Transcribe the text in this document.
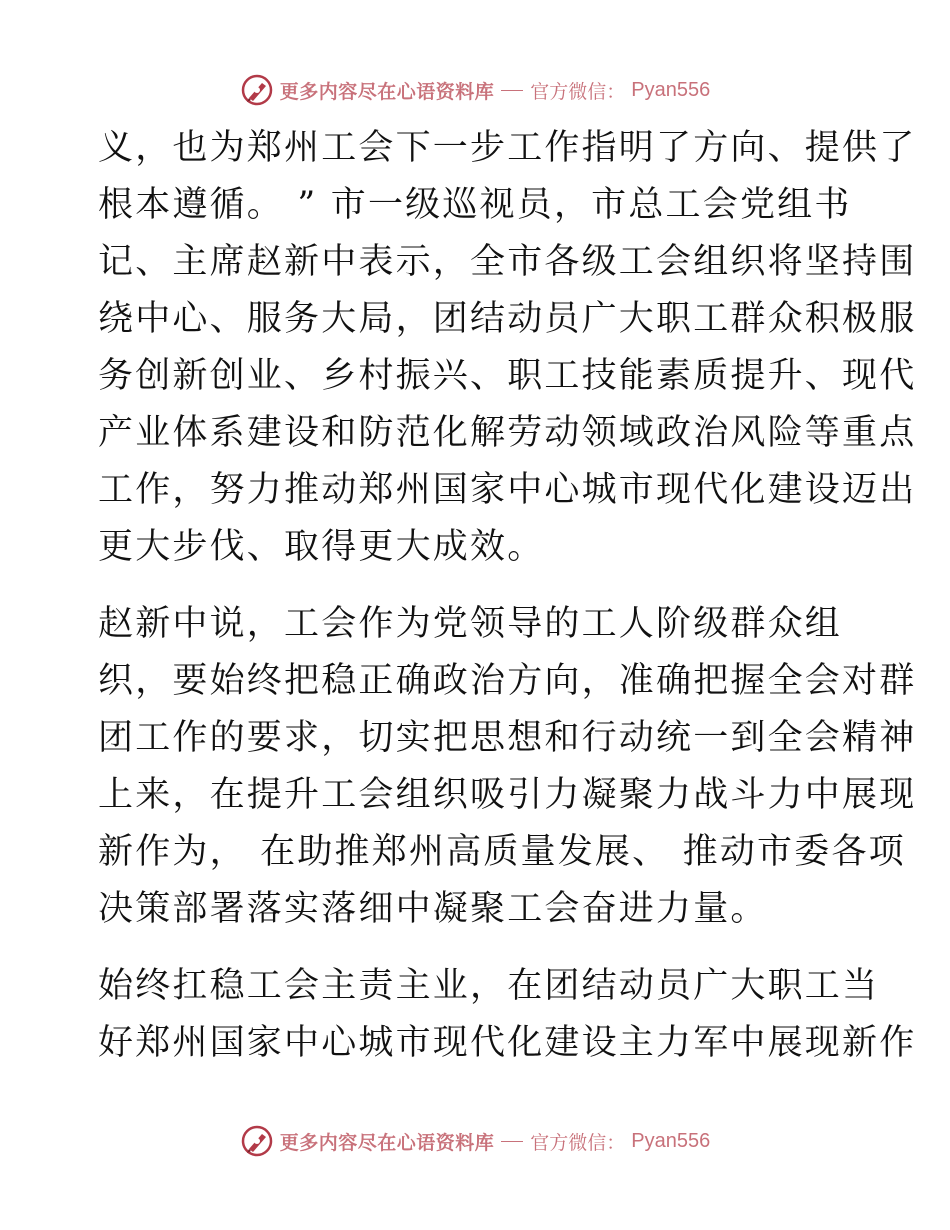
更多内容尽在心语资料库 官方微信： Pyan556
义，也为郑州工会下一步工作指明了方向、提供了
根本遵循。 ” 市一级巡视员，市总工会党组书
记、主席赵新中表示，全市各级工会组织将坚持围
绕中心、服务大局，团结动员广大职工群众积极服
务创新创业、乡村振兴、职工技能素质提升、现代
产业体系建设和防范化解劳动领域政治风险等重点
工作，努力推动郑州国家中心城市现代化建设迈出
更大步伐、取得更大成效。
赵新中说，工会作为党领导的工人阶级群众组
织，要始终把稳正确政治方向，准确把握全会对群
团工作的要求，切实把思想和行动统一到全会精神
上来，在提升工会组织吸引力凝聚力战斗力中展现
新作为， 在助推郑州高质量发展、 推动市委各项
决策部署落实落细中凝聚工会奋进力量。
始终扛稳工会主责主业，在团结动员广大职工当
好郑州国家中心城市现代化建设主力军中展现新作
更多内容尽在心语资料库 官方微信： Pyan556
